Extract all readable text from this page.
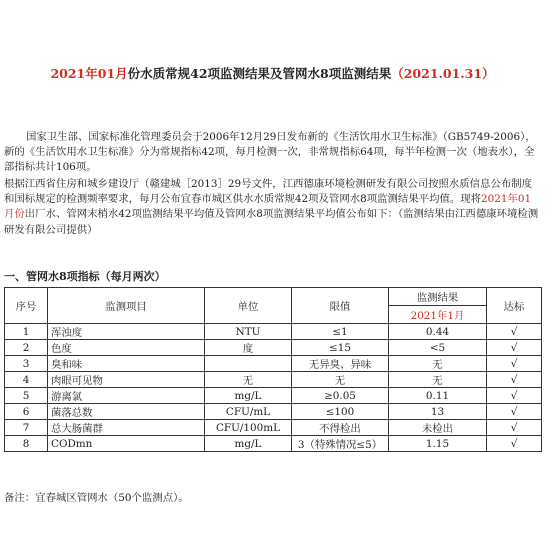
2021年01月份水质常规42项监测结果及管网水8项监测结果（2021.01.31）
国家卫生部、国家标准化管理委员会于2006年12月29日发布新的《生活饮用水卫生标准》（GB5749-2006），新的《生活饮用水卫生标准》分为常规指标42项，每月检测一次，非常规指标64项，每半年检测一次（地表水），全部指标共计106项。
根据江西省住房和城乡建设厅（赣建城［2013］29号文件，江西德康环境检测研发有限公司按照水质信息公布制度和国标规定的检测频率要求，每月公布宜春市城区供水水质常规42项及管网水8项监测结果平均值。现将2021年01月份出厂水、管网末梢水42项监测结果平均值及管网水8项监测结果平均值公布如下：（监测结果由江西德康环境检测研发有限公司提供）
一、管网水8项指标（每月两次）
序号	监测项目	单位	限值	监测结果	达标
				2021年1月	
1	浑浊度	NTU	≤1	0.44	√
2	色度	度	≤15	<5	√
3	臭和味		无异臭、异味	无	√
4	肉眼可见物	无	无	无	√
5	游离氯	mg/L	≥0.05	0.11	√
6	菌落总数	CFU/mL	≤100	13	√
7	总大肠菌群	CFU/100mL	不得检出	未检出	√
8	CODmn	mg/L	3（特殊情况≤5）	1.15	√
备注：宜春城区管网水（50个监测点）。
